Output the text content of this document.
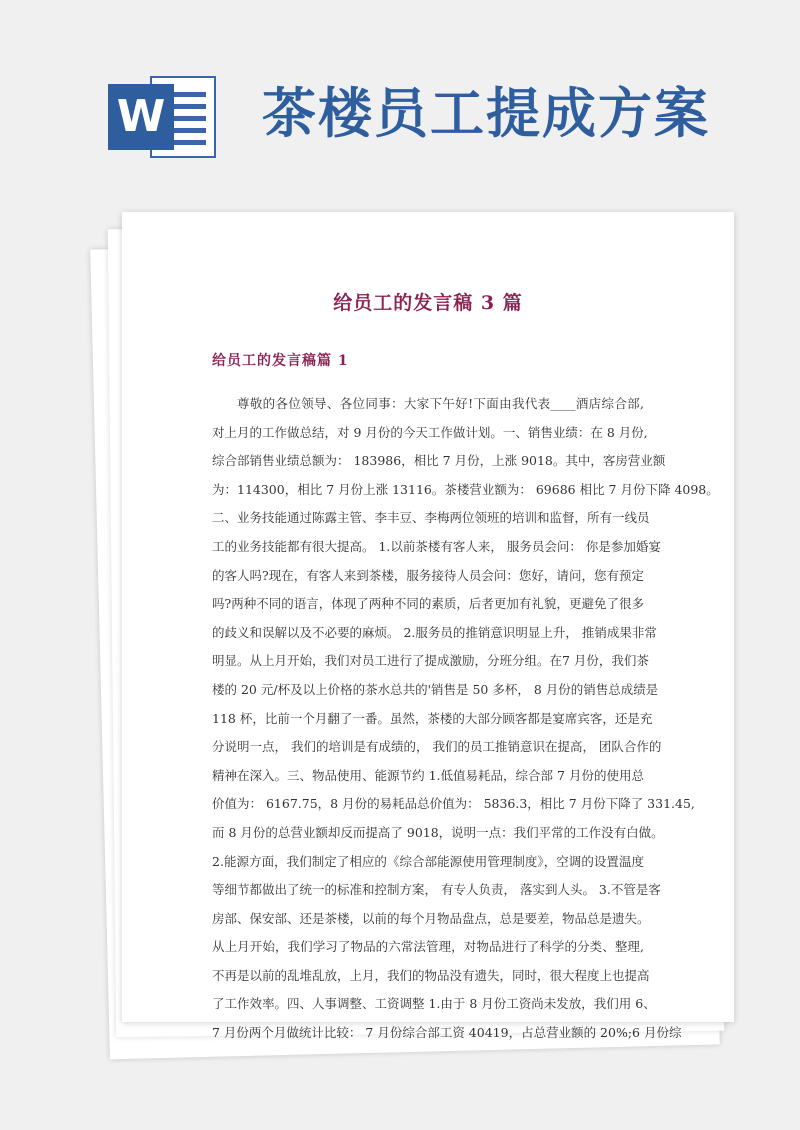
W 茶楼员工提成方案
给员工的发言稿 3 篇
给员工的发言稿篇 1
尊敬的各位领导、各位同事：大家下午好!下面由我代表____酒店综合部,
对上月的工作做总结，对 9 月份的今天工作做计划。一、销售业绩：在 8 月份,
综合部销售业绩总额为： 183986，相比 7 月份，上涨 9018。其中，客房营业额
为：114300，相比 7 月份上涨 13116。茶楼营业额为： 69686 相比 7 月份下降 4098。
二、业务技能通过陈露主管、李丰豆、李梅两位领班的培训和监督，所有一线员
工的业务技能都有很大提高。 1.以前茶楼有客人来， 服务员会问： 你是参加婚宴
的客人吗?现在，有客人来到茶楼，服务接待人员会问：您好，请问，您有预定
吗?两种不同的语言，体现了两种不同的素质，后者更加有礼貌，更避免了很多
的歧义和误解以及不必要的麻烦。 2.服务员的推销意识明显上升， 推销成果非常
明显。从上月开始，我们对员工进行了提成激励，分班分组。在7 月份，我们茶
楼的 20 元/杯及以上价格的茶水总共的'销售是 50 多杯， 8 月份的销售总成绩是
118 杯，比前一个月翻了一番。虽然，茶楼的大部分顾客都是宴席宾客，还是充
分说明一点， 我们的培训是有成绩的， 我们的员工推销意识在提高， 团队合作的
精神在深入。三、物品使用、能源节约 1.低值易耗品，综合部 7 月份的使用总
价值为： 6167.75，8 月份的易耗品总价值为： 5836.3，相比 7 月份下降了 331.45,
而 8 月份的总营业额却反而提高了 9018，说明一点：我们平常的工作没有白做。
2.能源方面，我们制定了相应的《综合部能源使用管理制度》，空调的设置温度
等细节都做出了统一的标准和控制方案， 有专人负责， 落实到人头。 3.不管是客
房部、保安部、还是茶楼，以前的每个月物品盘点，总是要差，物品总是遗失。
从上月开始，我们学习了物品的六常法管理，对物品进行了科学的分类、整理,
不再是以前的乱堆乱放，上月，我们的物品没有遗失，同时，很大程度上也提高
了工作效率。四、人事调整、工资调整 1.由于 8 月份工资尚未发放，我们用 6、
7 月份两个月做统计比较： 7 月份综合部工资 40419，占总营业额的 20%;6 月份综
